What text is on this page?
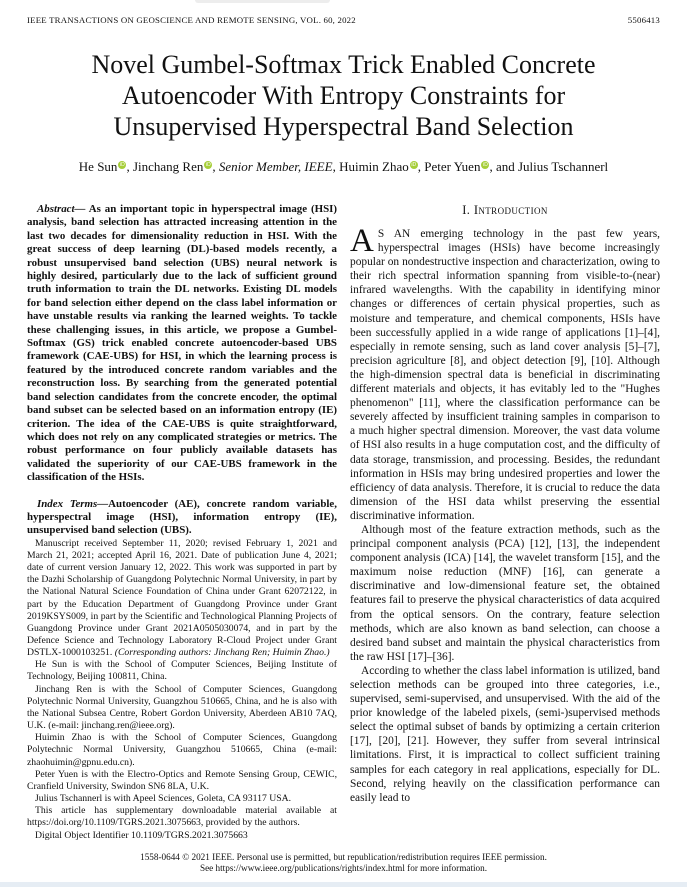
IEEE TRANSACTIONS ON GEOSCIENCE AND REMOTE SENSING, VOL. 60, 2022	5506413
Novel Gumbel-Softmax Trick Enabled Concrete
Autoencoder With Entropy Constraints for
Unsupervised Hyperspectral Band Selection
He Sun $^{iD}$ , Jinchang Ren $^{iD}$ , Senior Member, IEEE, Huimin Zhao $^{iD}$ , Peter Yuen $^{iD}$ , and Julius Tschannerl

Abstract— As an important topic in hyperspectral image (HSI) analysis, band selection has attracted increasing attention in the last two decades for dimensionality reduction in HSI. With the great success of deep learning (DL)-based models recently, a robust unsupervised band selection (UBS) neural network is highly desired, particularly due to the lack of sufficient ground truth information to train the DL networks. Existing DL models for band selection either depend on the class label information or have unstable results via ranking the learned weights. To tackle these challenging issues, in this article, we propose a Gumbel-Softmax (GS) trick enabled concrete autoencoder-based UBS framework (CAE-UBS) for HSI, in which the learning process is featured by the introduced concrete random variables and the reconstruction loss. By searching from the generated potential band selection candidates from the concrete encoder, the optimal band subset can be selected based on an information entropy (IE) criterion. The idea of the CAE-UBS is quite straightforward, which does not rely on any complicated strategies or metrics. The robust performance on four publicly available datasets has validated the superiority of our CAE-UBS framework in the classification of the HSIs.

Index Terms—Autoencoder (AE), concrete random variable, hyperspectral image (HSI), information entropy (IE), unsupervised band selection (UBS).

Manuscript received September 11, 2020; revised February 1, 2021 and March 21, 2021; accepted April 16, 2021. Date of publication June 4, 2021; date of current version January 12, 2022. This work was supported in part by the Dazhi Scholarship of Guangdong Polytechnic Normal University, in part by the National Natural Science Foundation of China under Grant 62072122, in part by the Education Department of Guangdong Province under Grant 2019KSYS009, in part by the Scientific and Technological Planning Projects of Guangdong Province under Grant 2021A0505030074, and in part by the Defence Science and Technology Laboratory R-Cloud Project under Grant DSTLX-1000103251. (Corresponding authors: Jinchang Ren; Huimin Zhao.)

He Sun is with the School of Computer Sciences, Beijing Institute of Technology, Beijing 100811, China.

Jinchang Ren is with the School of Computer Sciences, Guangdong Polytechnic Normal University, Guangzhou 510665, China, and he is also with the National Subsea Centre, Robert Gordon University, Aberdeen AB10 7AQ, U.K. (e-mail: jinchang.ren@ieee.org).

Huimin Zhao is with the School of Computer Sciences, Guangdong Polytechnic Normal University, Guangzhou 510665, China (e-mail: zhaohuimin@gpnu.edu.cn).

Peter Yuen is with the Electro-Optics and Remote Sensing Group, CEWIC, Cranfield University, Swindon SN6 8LA, U.K.

Julius Tschannerl is with Apeel Sciences, Goleta, CA 93117 USA.

This article has supplementary downloadable material available at https://doi.org/10.1109/TGRS.2021.3075663, provided by the authors.

Digital Object Identifier 10.1109/TGRS.2021.3075663

I. Introduction

A S AN emerging technology in the past few years, hyperspectral images (HSIs) have become increasingly popular on nondestructive inspection and characterization, owing to their rich spectral information spanning from visible-to-(near) infrared wavelengths. With the capability in identifying minor changes or differences of certain physical properties, such as moisture and temperature, and chemical components, HSIs have been successfully applied in a wide range of applications [1]–[4], especially in remote sensing, such as land cover analysis [5]–[7], precision agriculture [8], and object detection [9], [10]. Although the high-dimension spectral data is beneficial in discriminating different materials and objects, it has evitably led to the "Hughes phenomenon" [11], where the classification performance can be severely affected by insufficient training samples in comparison to a much higher spectral dimension. Moreover, the vast data volume of HSI also results in a huge computation cost, and the difficulty of data storage, transmission, and processing. Besides, the redundant information in HSIs may bring undesired properties and lower the efficiency of data analysis. Therefore, it is crucial to reduce the data dimension of the HSI data whilst preserving the essential discriminative information.

Although most of the feature extraction methods, such as the principal component analysis (PCA) [12], [13], the independent component analysis (ICA) [14], the wavelet transform [15], and the maximum noise reduction (MNF) [16], can generate a discriminative and low-dimensional feature set, the obtained features fail to preserve the physical characteristics of data acquired from the optical sensors. On the contrary, feature selection methods, which are also known as band selection, can choose a desired band subset and maintain the physical characteristics from the raw HSI [17]–[36].

According to whether the class label information is utilized, band selection methods can be grouped into three categories, i.e., supervised, semi-supervised, and unsupervised. With the aid of the prior knowledge of the labeled pixels, (semi-)supervised methods select the optimal subset of bands by optimizing a certain criterion [17], [20], [21]. However, they suffer from several intrinsical limitations. First, it is impractical to collect sufficient training samples for each category in real applications, especially for DL. Second, relying heavily on the classification performance can easily lead to

1558-0644 © 2021 IEEE. Personal use is permitted, but republication/redistribution requires IEEE permission.
See https://www.ieee.org/publications/rights/index.html for more information.
